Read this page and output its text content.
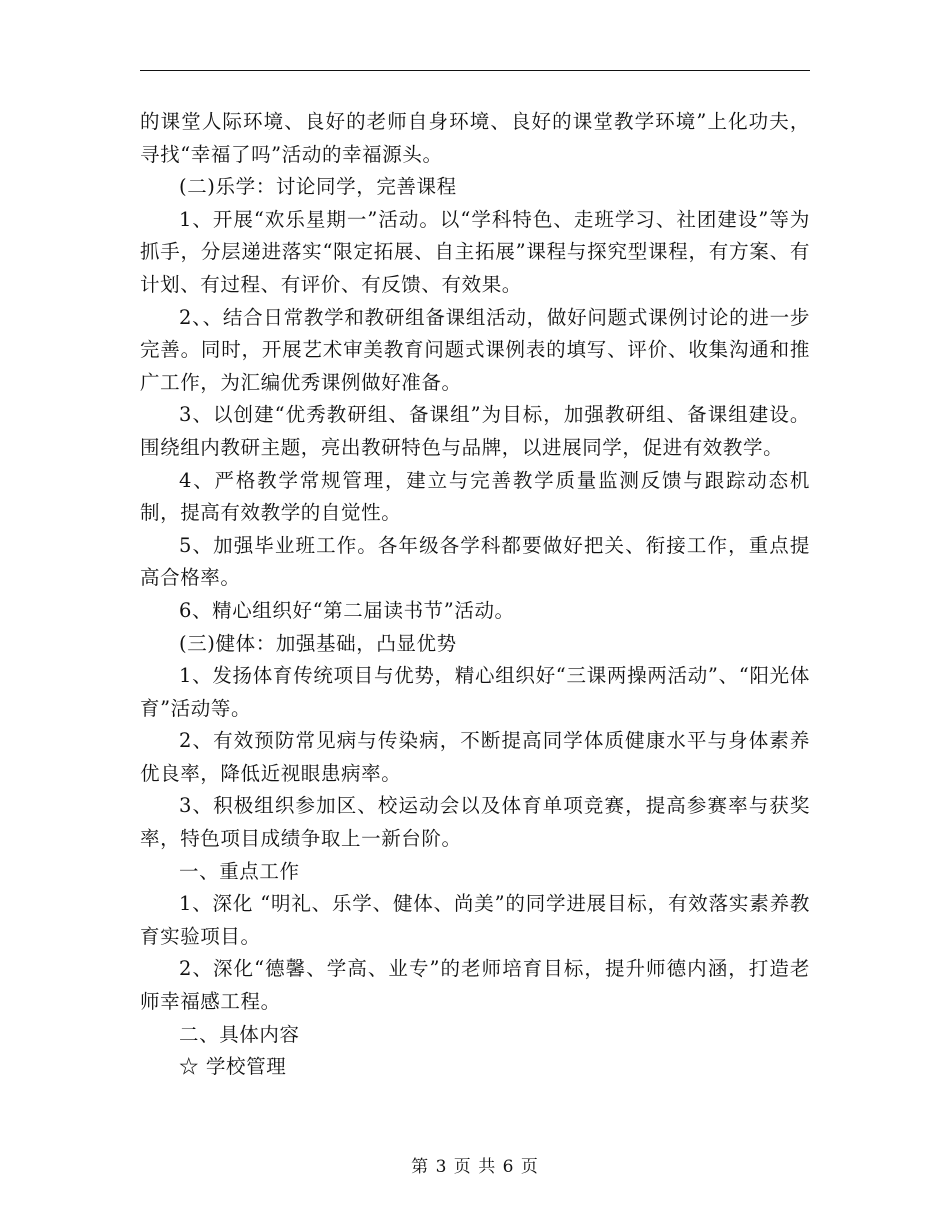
的课堂人际环境、良好的老师自身环境、良好的课堂教学环境”上化功夫，寻找“幸福了吗”活动的幸福源头。

(二)乐学：讨论同学，完善课程

1、开展“欢乐星期一”活动。以“学科特色、走班学习、社团建设”等为抓手，分层递进落实“限定拓展、自主拓展”课程与探究型课程，有方案、有计划、有过程、有评价、有反馈、有效果。

2、、结合日常教学和教研组备课组活动，做好问题式课例讨论的进一步完善。同时，开展艺术审美教育问题式课例表的填写、评价、收集沟通和推广工作，为汇编优秀课例做好准备。

3、以创建“优秀教研组、备课组”为目标，加强教研组、备课组建设。围绕组内教研主题，亮出教研特色与品牌，以进展同学，促进有效教学。

4、严格教学常规管理，建立与完善教学质量监测反馈与跟踪动态机制，提高有效教学的自觉性。

5、加强毕业班工作。各年级各学科都要做好把关、衔接工作，重点提高合格率。

6、精心组织好“第二届读书节”活动。

(三)健体：加强基础，凸显优势

1、发扬体育传统项目与优势，精心组织好“三课两操两活动”、“阳光体育”活动等。

2、有效预防常见病与传染病，不断提高同学体质健康水平与身体素养优良率，降低近视眼患病率。

3、积极组织参加区、校运动会以及体育单项竞赛，提高参赛率与获奖率，特色项目成绩争取上一新台阶。

一、重点工作

1、深化 “明礼、乐学、健体、尚美”的同学进展目标，有效落实素养教育实验项目。

2、深化“德馨、学高、业专”的老师培育目标，提升师德内涵，打造老师幸福感工程。

二、具体内容

☆ 学校管理

第 3 页 共 6 页
